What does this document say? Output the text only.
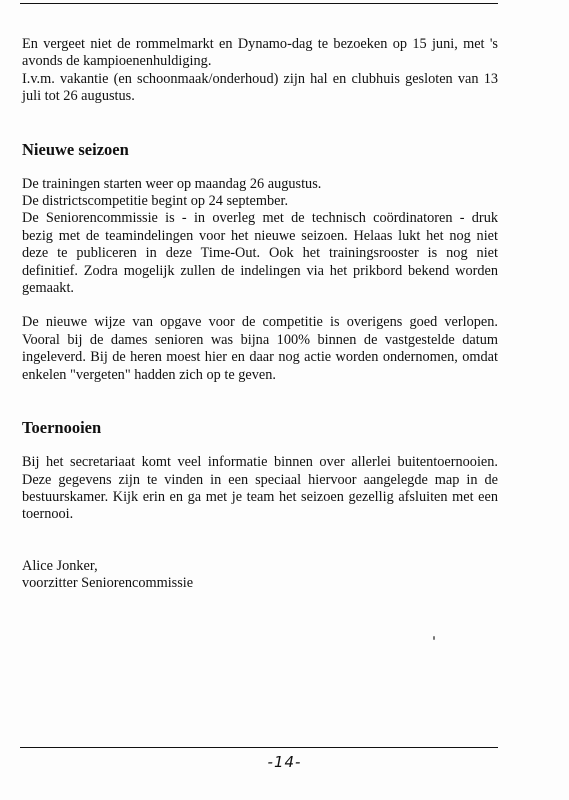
En vergeet niet de rommelmarkt en Dynamo-dag te bezoeken op 15 juni, met 's
avonds de kampioenenhuldiging.
I.v.m. vakantie (en schoonmaak/onderhoud) zijn hal en clubhuis gesloten van 13
juli tot 26 augustus.

Nieuwe seizoen

De trainingen starten weer op maandag 26 augustus.
De districtscompetitie begint op 24 september.
De Seniorencommissie is - in overleg met de technisch coördinatoren - druk
bezig met de teamindelingen voor het nieuwe seizoen. Helaas lukt het nog niet
deze te publiceren in deze Time-Out. Ook het trainingsrooster is nog niet
definitief. Zodra mogelijk zullen de indelingen via het prikbord bekend worden
gemaakt.

De nieuwe wijze van opgave voor de competitie is overigens goed verlopen.
Vooral bij de dames senioren was bijna 100% binnen de vastgestelde datum
ingeleverd. Bij de heren moest hier en daar nog actie worden ondernomen, omdat
enkelen "vergeten" hadden zich op te geven.

Toernooien

Bij het secretariaat komt veel informatie binnen over allerlei buitentoernooien.
Deze gegevens zijn te vinden in een speciaal hiervoor aangelegde map in de
bestuurskamer. Kijk erin en ga met je team het seizoen gezellig afsluiten met een
toernooi.

Alice Jonker,
voorzitter Seniorencommissie

-14-
